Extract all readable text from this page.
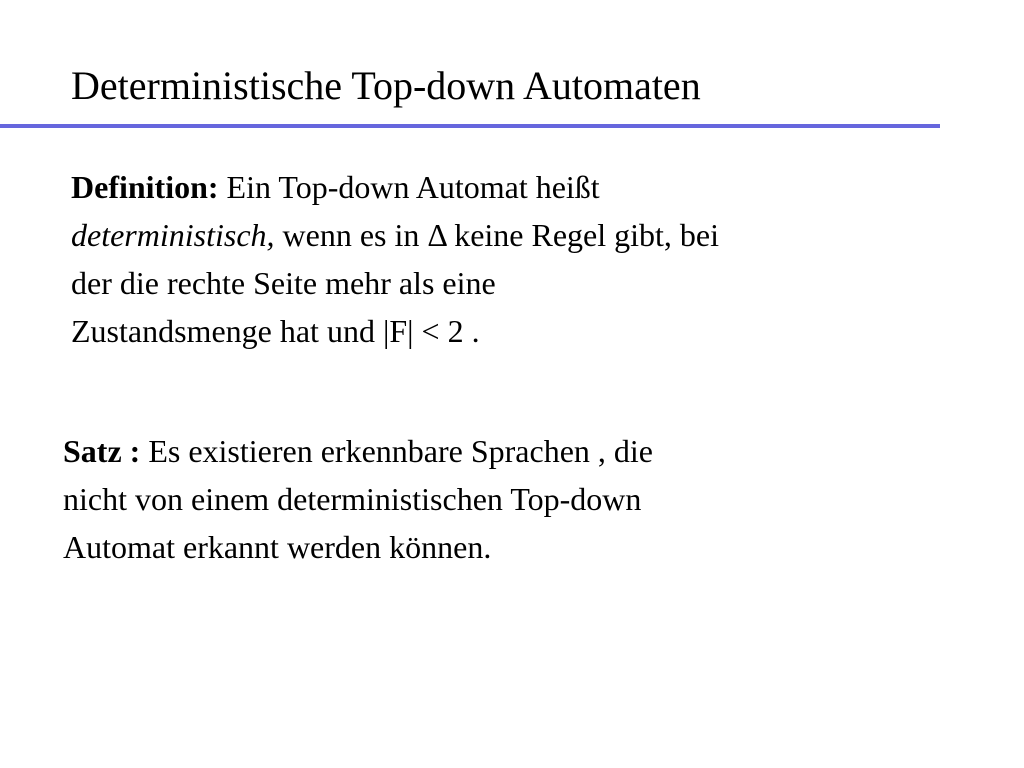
Deterministische Top-down Automaten

Definition: Ein Top-down Automat heißt
deterministisch, wenn es in Δ keine Regel gibt, bei
der die rechte Seite mehr als eine
Zustandsmenge hat und |F| < 2 .

Satz : Es existieren erkennbare Sprachen , die
nicht von einem deterministischen Top-down
Automat erkannt werden können.
